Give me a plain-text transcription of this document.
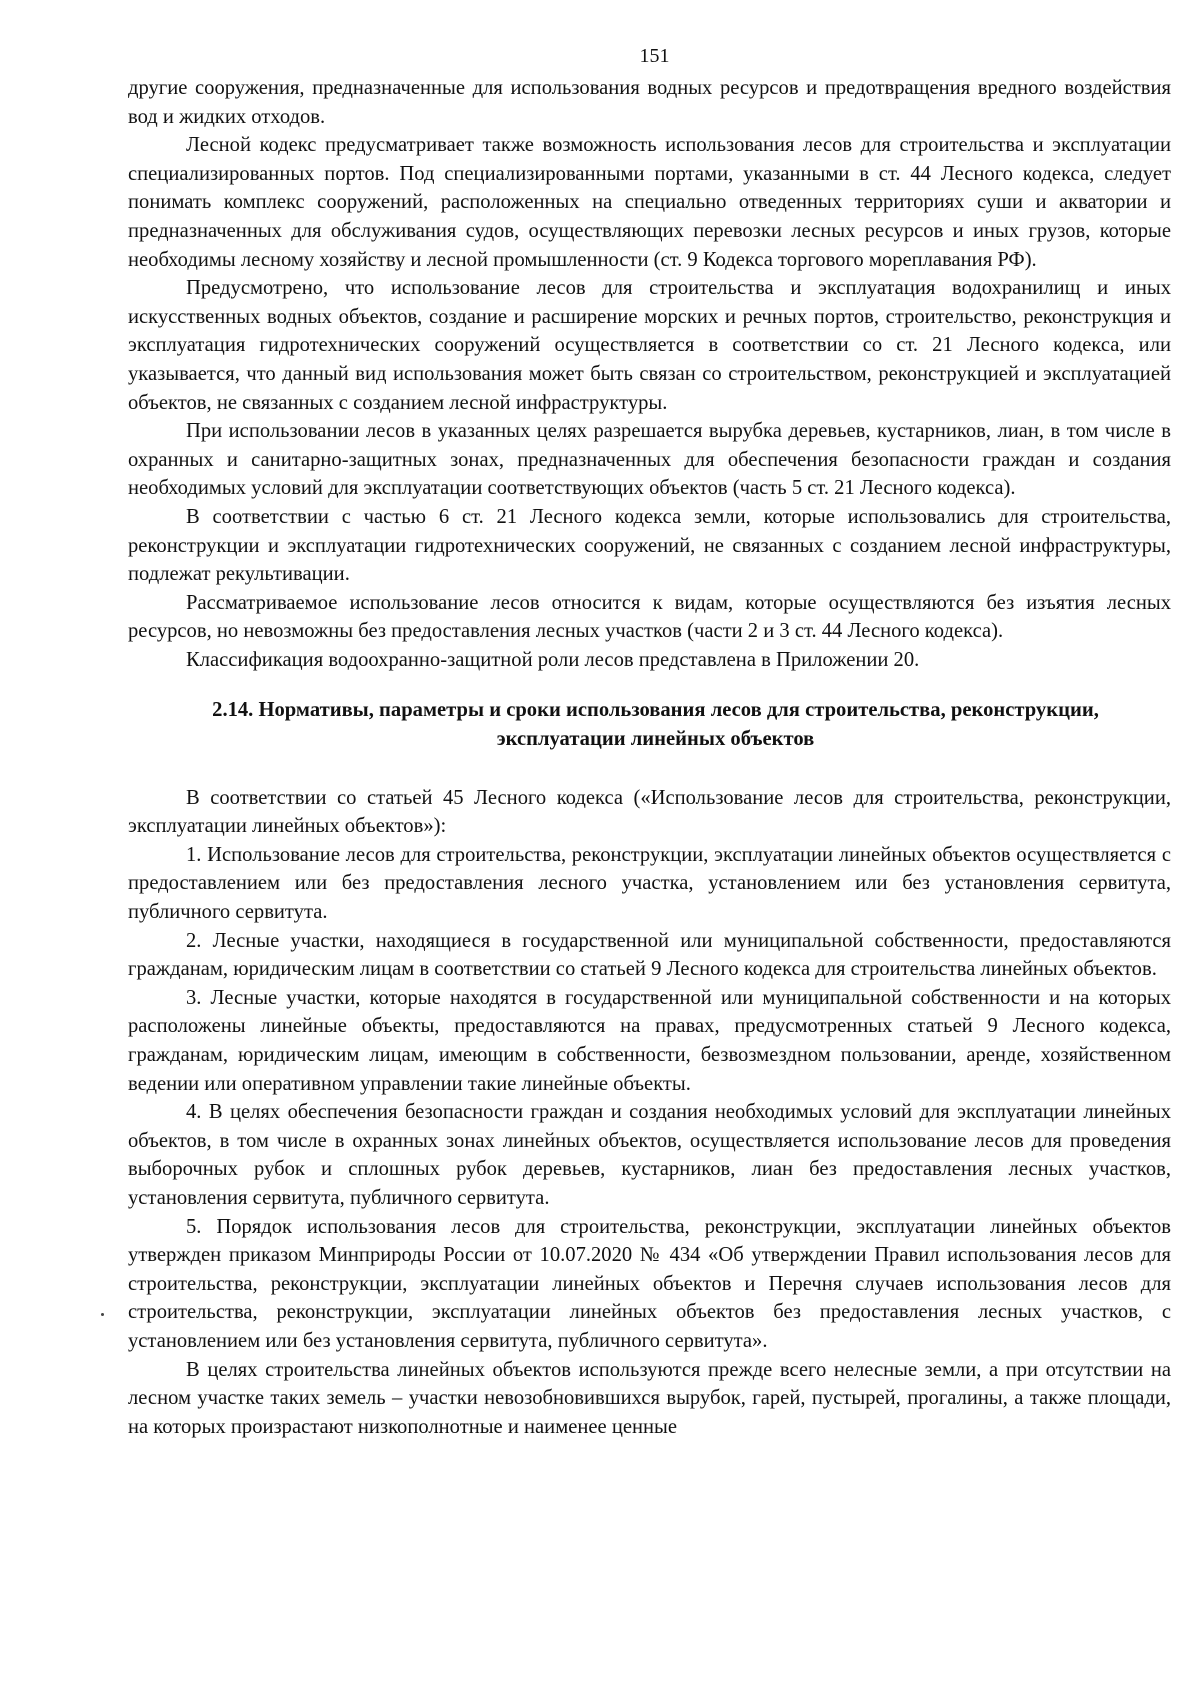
151

другие сооружения, предназначенные для использования водных ресурсов и предотвращения вредного воздействия вод и жидких отходов.

Лесной кодекс предусматривает также возможность использования лесов для строительства и эксплуатации специализированных портов. Под специализированными портами, указанными в ст. 44 Лесного кодекса, следует понимать комплекс сооружений, расположенных на специально отведенных территориях суши и акватории и предназначенных для обслуживания судов, осуществляющих перевозки лесных ресурсов и иных грузов, которые необходимы лесному хозяйству и лесной промышленности (ст. 9 Кодекса торгового мореплавания РФ).

Предусмотрено, что использование лесов для строительства и эксплуатация водохранилищ и иных искусственных водных объектов, создание и расширение морских и речных портов, строительство, реконструкция и эксплуатация гидротехнических сооружений осуществляется в соответствии со ст. 21 Лесного кодекса, или указывается, что данный вид использования может быть связан со строительством, реконструкцией и эксплуатацией объектов, не связанных с созданием лесной инфраструктуры.

При использовании лесов в указанных целях разрешается вырубка деревьев, кустарников, лиан, в том числе в охранных и санитарно-защитных зонах, предназначенных для обеспечения безопасности граждан и создания необходимых условий для эксплуатации соответствующих объектов (часть 5 ст. 21 Лесного кодекса).

В соответствии с частью 6 ст. 21 Лесного кодекса земли, которые использовались для строительства, реконструкции и эксплуатации гидротехнических сооружений, не связанных с созданием лесной инфраструктуры, подлежат рекультивации.

Рассматриваемое использование лесов относится к видам, которые осуществляются без изъятия лесных ресурсов, но невозможны без предоставления лесных участков (части 2 и 3 ст. 44 Лесного кодекса).

Классификация водоохранно-защитной роли лесов представлена в Приложении 20.

2.14. Нормативы, параметры и сроки использования лесов для строительства, реконструкции, эксплуатации линейных объектов

В соответствии со статьей 45 Лесного кодекса («Использование лесов для строительства, реконструкции, эксплуатации линейных объектов»):

1. Использование лесов для строительства, реконструкции, эксплуатации линейных объектов осуществляется с предоставлением или без предоставления лесного участка, установлением или без установления сервитута, публичного сервитута.

2. Лесные участки, находящиеся в государственной или муниципальной собственности, предоставляются гражданам, юридическим лицам в соответствии со статьей 9 Лесного кодекса для строительства линейных объектов.

3. Лесные участки, которые находятся в государственной или муниципальной собственности и на которых расположены линейные объекты, предоставляются на правах, предусмотренных статьей 9 Лесного кодекса, гражданам, юридическим лицам, имеющим в собственности, безвозмездном пользовании, аренде, хозяйственном ведении или оперативном управлении такие линейные объекты.

4. В целях обеспечения безопасности граждан и создания необходимых условий для эксплуатации линейных объектов, в том числе в охранных зонах линейных объектов, осуществляется использование лесов для проведения выборочных рубок и сплошных рубок деревьев, кустарников, лиан без предоставления лесных участков, установления сервитута, публичного сервитута.

5. Порядок использования лесов для строительства, реконструкции, эксплуатации линейных объектов утвержден приказом Минприроды России от 10.07.2020 № 434 «Об утверждении Правил использования лесов для строительства, реконструкции, эксплуатации линейных объектов и Перечня случаев использования лесов для строительства, реконструкции, эксплуатации линейных объектов без предоставления лесных участков, с установлением или без установления сервитута, публичного сервитута».

В целях строительства линейных объектов используются прежде всего нелесные земли, а при отсутствии на лесном участке таких земель – участки невозобновившихся вырубок, гарей, пустырей, прогалины, а также площади, на которых произрастают низкополнотные и наименее ценные
